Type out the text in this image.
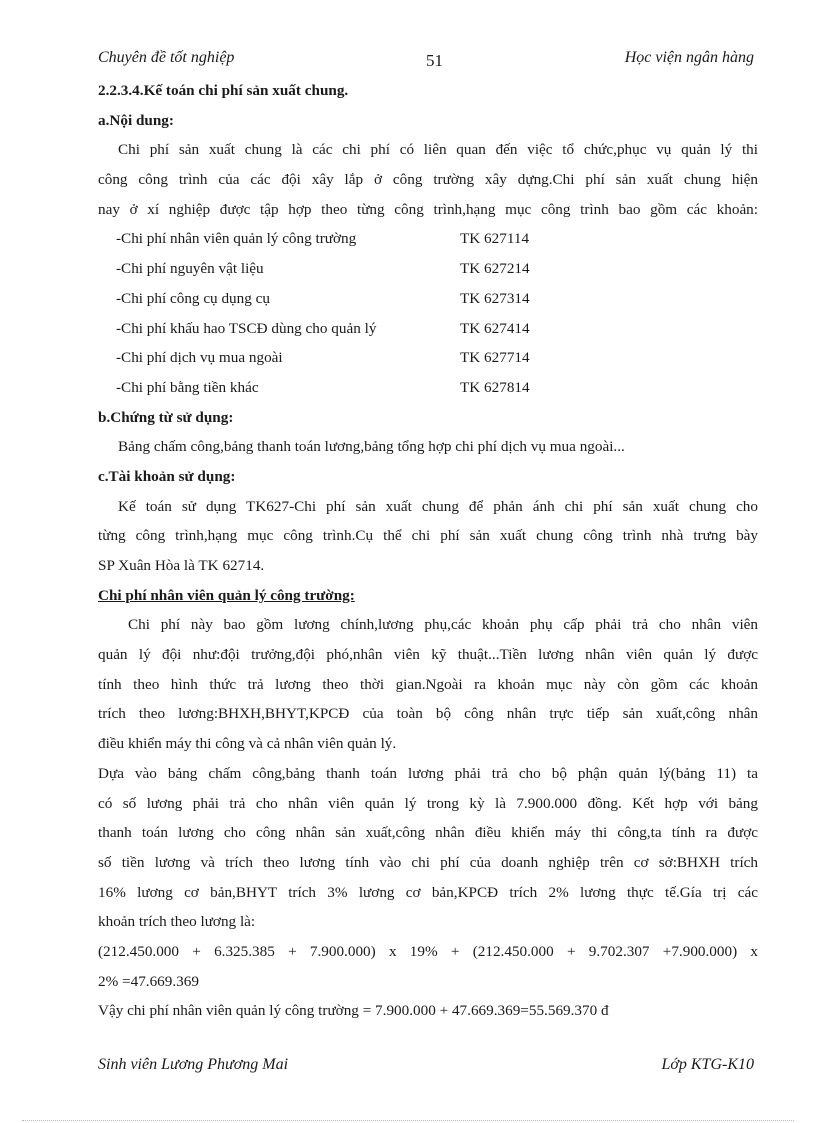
Chuyên đề tốt nghiệp	51	Học viện ngân hàng
2.2.3.4.Kế toán chi phí sản xuất chung.
a.Nội dung:
Chi phí sản xuất chung là các chi phí có liên quan đến việc tổ chức,phục vụ quản lý thi
công công trình của các đội xây lắp ở công trường xây dựng.Chi phí sản xuất chung hiện
nay ở xí nghiệp được tập hợp theo từng công trình,hạng mục công trình bao gồm các khoản:
-Chi phí nhân viên quản lý công trường	TK 627114
-Chi phí nguyên vật liệu	TK 627214
-Chi phí công cụ dụng cụ	TK 627314
-Chi phí khấu hao TSCĐ dùng cho quản lý	TK 627414
-Chi phí dịch vụ mua ngoài	TK 627714
-Chi phí bằng tiền khác	TK 627814
b.Chứng từ sử dụng:
Bảng chấm công,bảng thanh toán lương,bảng tổng hợp chi phí dịch vụ mua ngoài...
c.Tài khoản sử dụng:
Kế toán sử dụng TK627-Chi phí sản xuất chung để phản ánh chi phí sản xuất chung cho
từng công trình,hạng mục công trình.Cụ thể chi phí sản xuất chung công trình nhà trưng bày
SP Xuân Hòa là TK 62714.
Chi phí nhân viên quản lý công trường:
Chi phí này bao gồm lương chính,lương phụ,các khoản phụ cấp phải trả cho nhân viên
quản lý đội như:đội trưởng,đội phó,nhân viên kỹ thuật...Tiền lương nhân viên quản lý được
tính theo hình thức trả lương theo thời gian.Ngoài ra khoản mục này còn gồm các khoản
trích theo lương:BHXH,BHYT,KPCĐ của toàn bộ công nhân trực tiếp sản xuất,công nhân
điều khiển máy thi công và cả nhân viên quản lý.
Dựa vào bảng chấm công,bảng thanh toán lương phải trả cho bộ phận quản lý(bảng 11) ta
có số lương phải trả cho nhân viên quản lý trong kỳ là 7.900.000 đồng. Kết hợp với bảng
thanh toán lương cho công nhân sản xuất,công nhân điều khiển máy thi công,ta tính ra được
số tiền lương và trích theo lương tính vào chi phí của doanh nghiệp trên cơ sở:BHXH trích
16% lương cơ bản,BHYT trích 3% lương cơ bản,KPCĐ trích 2% lương thực tế.Gía trị các
khoản trích theo lương là:
(212.450.000 + 6.325.385 + 7.900.000) x 19% + (212.450.000 + 9.702.307 +7.900.000) x
2% =47.669.369
Vậy chi phí nhân viên quản lý công trường = 7.900.000 + 47.669.369=55.569.370 đ
Sinh viên Lương Phương Mai	Lớp KTG-K10
